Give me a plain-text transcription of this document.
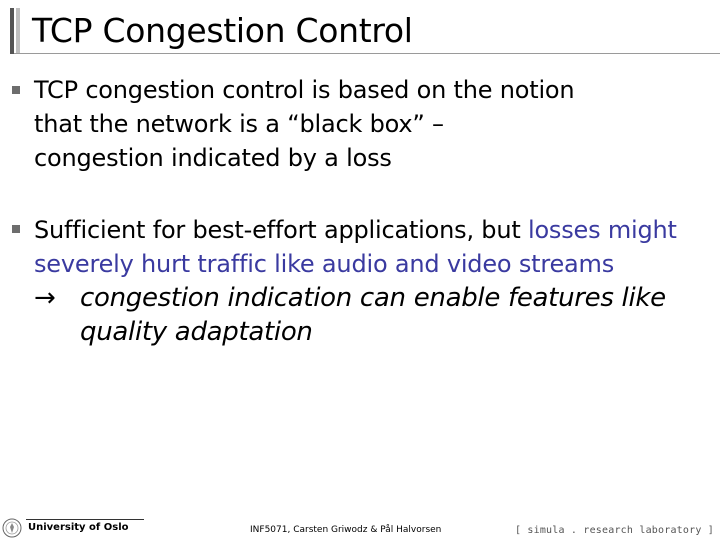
TCP Congestion Control
TCP congestion control is based on the notion
that the network is a “black box” –
congestion indicated by a loss
Sufficient for best-effort applications, but losses might
severely hurt traffic like audio and video streams
→ congestion indication can enable features like
quality adaptation
University of Oslo	INF5071, Carsten Griwodz & Pål Halvorsen	[ simula . research laboratory ]
